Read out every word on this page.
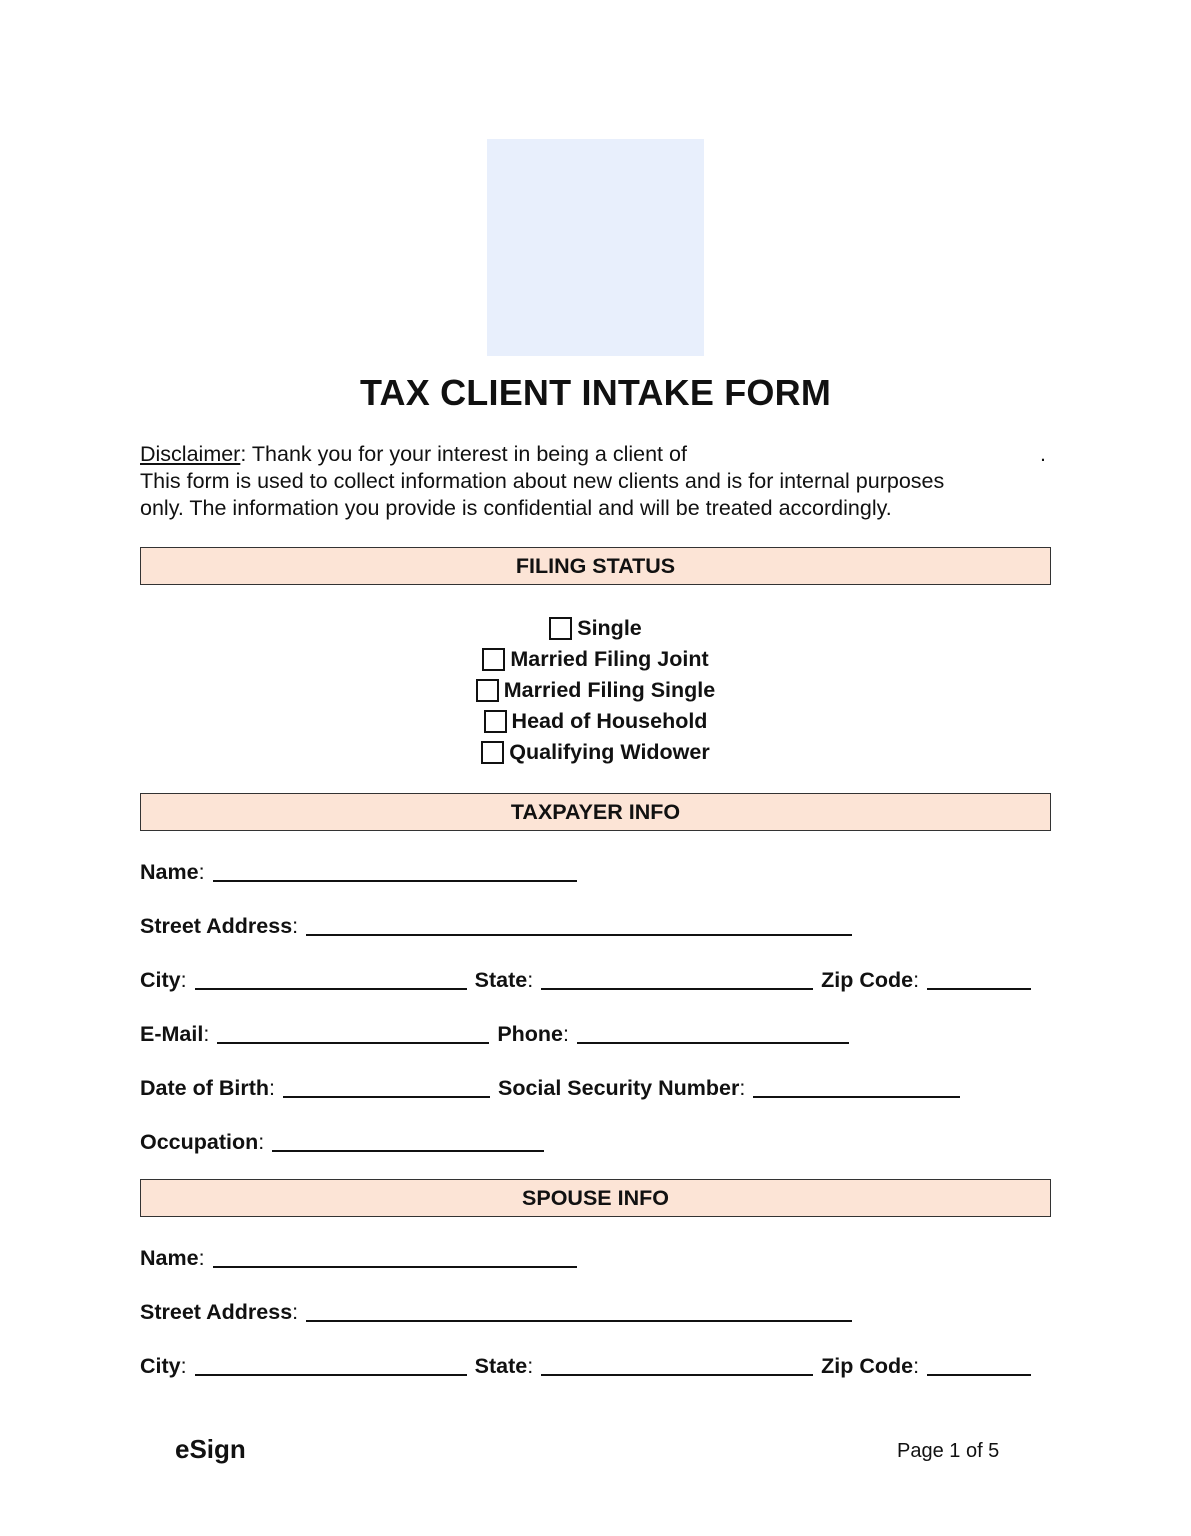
TAX CLIENT INTAKE FORM
Disclaimer: Thank you for your interest in being a client of	.
This form is used to collect information about new clients and is for internal purposes
only. The information you provide is confidential and will be treated accordingly.
FILING STATUS
Single
Married Filing Joint
Married Filing Single
Head of Household
Qualifying Widower
TAXPAYER INFO
Name :
Street Address :
City :	State :	Zip Code :
E-Mail :	Phone :
Date of Birth :	Social Security Number :
Occupation :
SPOUSE INFO
Name :
Street Address :
City :	State :	Zip Code :
eSign	Page 1 of 5
